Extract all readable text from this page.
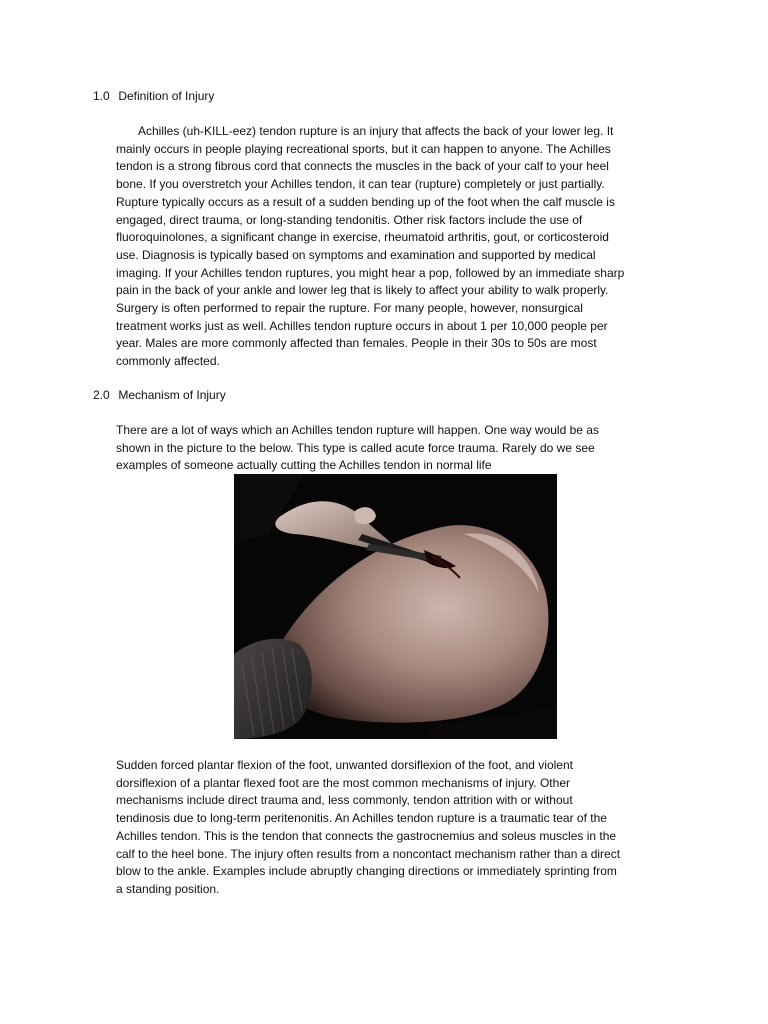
1.0 Definition of Injury
Achilles (uh-KILL-eez) tendon rupture is an injury that affects the back of your lower leg. It
mainly occurs in people playing recreational sports, but it can happen to anyone. The Achilles
tendon is a strong fibrous cord that connects the muscles in the back of your calf to your heel
bone. If you overstretch your Achilles tendon, it can tear (rupture) completely or just partially.
Rupture typically occurs as a result of a sudden bending up of the foot when the calf muscle is
engaged, direct trauma, or long-standing tendonitis. Other risk factors include the use of
fluoroquinolones, a significant change in exercise, rheumatoid arthritis, gout, or corticosteroid
use. Diagnosis is typically based on symptoms and examination and supported by medical
imaging. If your Achilles tendon ruptures, you might hear a pop, followed by an immediate sharp
pain in the back of your ankle and lower leg that is likely to affect your ability to walk properly.
Surgery is often performed to repair the rupture. For many people, however, nonsurgical
treatment works just as well. Achilles tendon rupture occurs in about 1 per 10,000 people per
year. Males are more commonly affected than females. People in their 30s to 50s are most
commonly affected.
2.0 Mechanism of Injury
There are a lot of ways which an Achilles tendon rupture will happen. One way would be as
shown in the picture to the below. This type is called acute force trauma. Rarely do we see
examples of someone actually cutting the Achilles tendon in normal life
Sudden forced plantar flexion of the foot, unwanted dorsiflexion of the foot, and violent
dorsiflexion of a plantar flexed foot are the most common mechanisms of injury. Other
mechanisms include direct trauma and, less commonly, tendon attrition with or without
tendinosis due to long-term peritenonitis. An Achilles tendon rupture is a traumatic tear of the
Achilles tendon. This is the tendon that connects the gastrocnemius and soleus muscles in the
calf to the heel bone. The injury often results from a noncontact mechanism rather than a direct
blow to the ankle. Examples include abruptly changing directions or immediately sprinting from
a standing position.
